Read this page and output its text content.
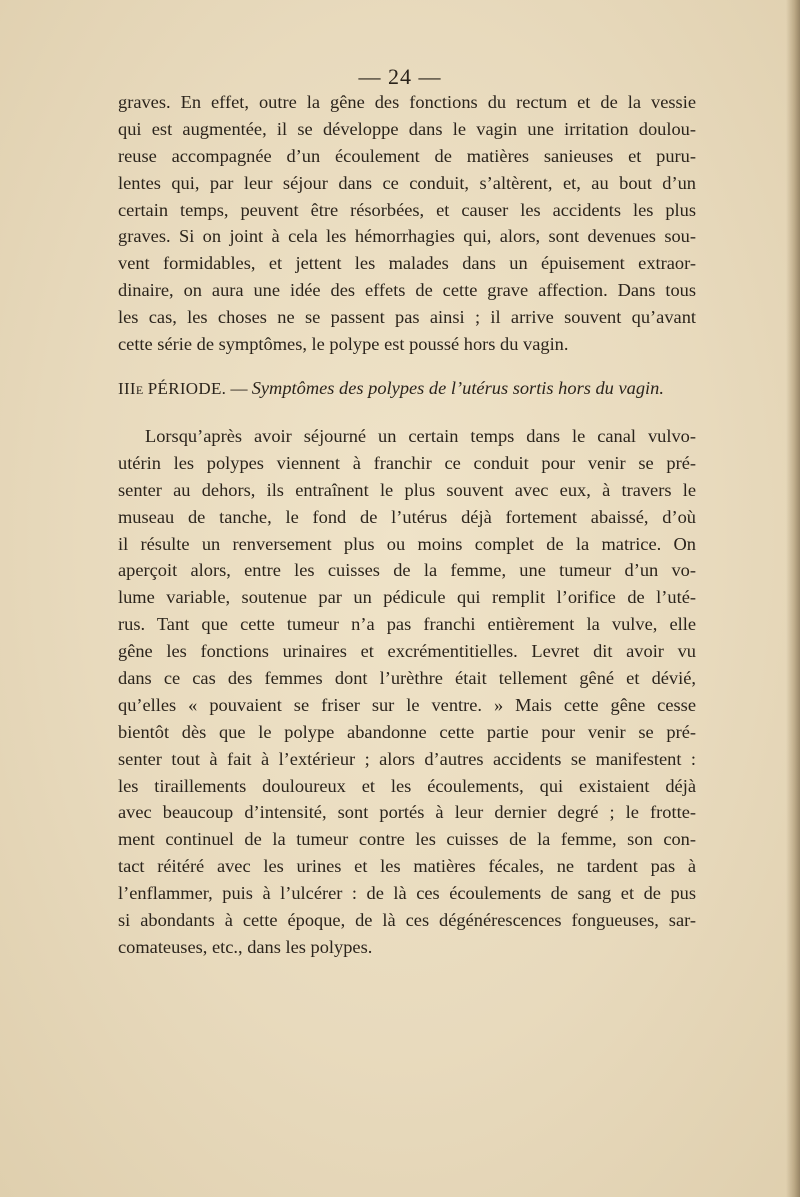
— 24 —
graves. En effet, outre la gêne des fonctions du rectum et de la vessie
qui est augmentée, il se développe dans le vagin une irritation doulou-
reuse accompagnée d’un écoulement de matières sanieuses et puru-
lentes qui, par leur séjour dans ce conduit, s’altèrent, et, au bout d’un
certain temps, peuvent être résorbées, et causer les accidents les plus
graves. Si on joint à cela les hémorrhagies qui, alors, sont devenues sou-
vent formidables, et jettent les malades dans un épuisement extraor-
dinaire, on aura une idée des effets de cette grave affection. Dans tous
les cas, les choses ne se passent pas ainsi ; il arrive souvent qu’avant
cette série de symptômes, le polype est poussé hors du vagin.
IIIe PÉRIODE. — Symptômes des polypes de l’utérus sortis hors du vagin.
Lorsqu’après avoir séjourné un certain temps dans le canal vulvo-
utérin les polypes viennent à franchir ce conduit pour venir se pré-
senter au dehors, ils entraînent le plus souvent avec eux, à travers le
museau de tanche, le fond de l’utérus déjà fortement abaissé, d’où
il résulte un renversement plus ou moins complet de la matrice. On
aperçoit alors, entre les cuisses de la femme, une tumeur d’un vo-
lume variable, soutenue par un pédicule qui remplit l’orifice de l’uté-
rus. Tant que cette tumeur n’a pas franchi entièrement la vulve, elle
gêne les fonctions urinaires et excrémentitielles. Levret dit avoir vu
dans ce cas des femmes dont l’urèthre était tellement gêné et dévié,
qu’elles « pouvaient se friser sur le ventre. » Mais cette gêne cesse
bientôt dès que le polype abandonne cette partie pour venir se pré-
senter tout à fait à l’extérieur ; alors d’autres accidents se manifestent :
les tiraillements douloureux et les écoulements, qui existaient déjà
avec beaucoup d’intensité, sont portés à leur dernier degré ; le frotte-
ment continuel de la tumeur contre les cuisses de la femme, son con-
tact réitéré avec les urines et les matières fécales, ne tardent pas à
l’enflammer, puis à l’ulcérer : de là ces écoulements de sang et de pus
si abondants à cette époque, de là ces dégénérescences fongueuses, sar-
comateuses, etc., dans les polypes.
